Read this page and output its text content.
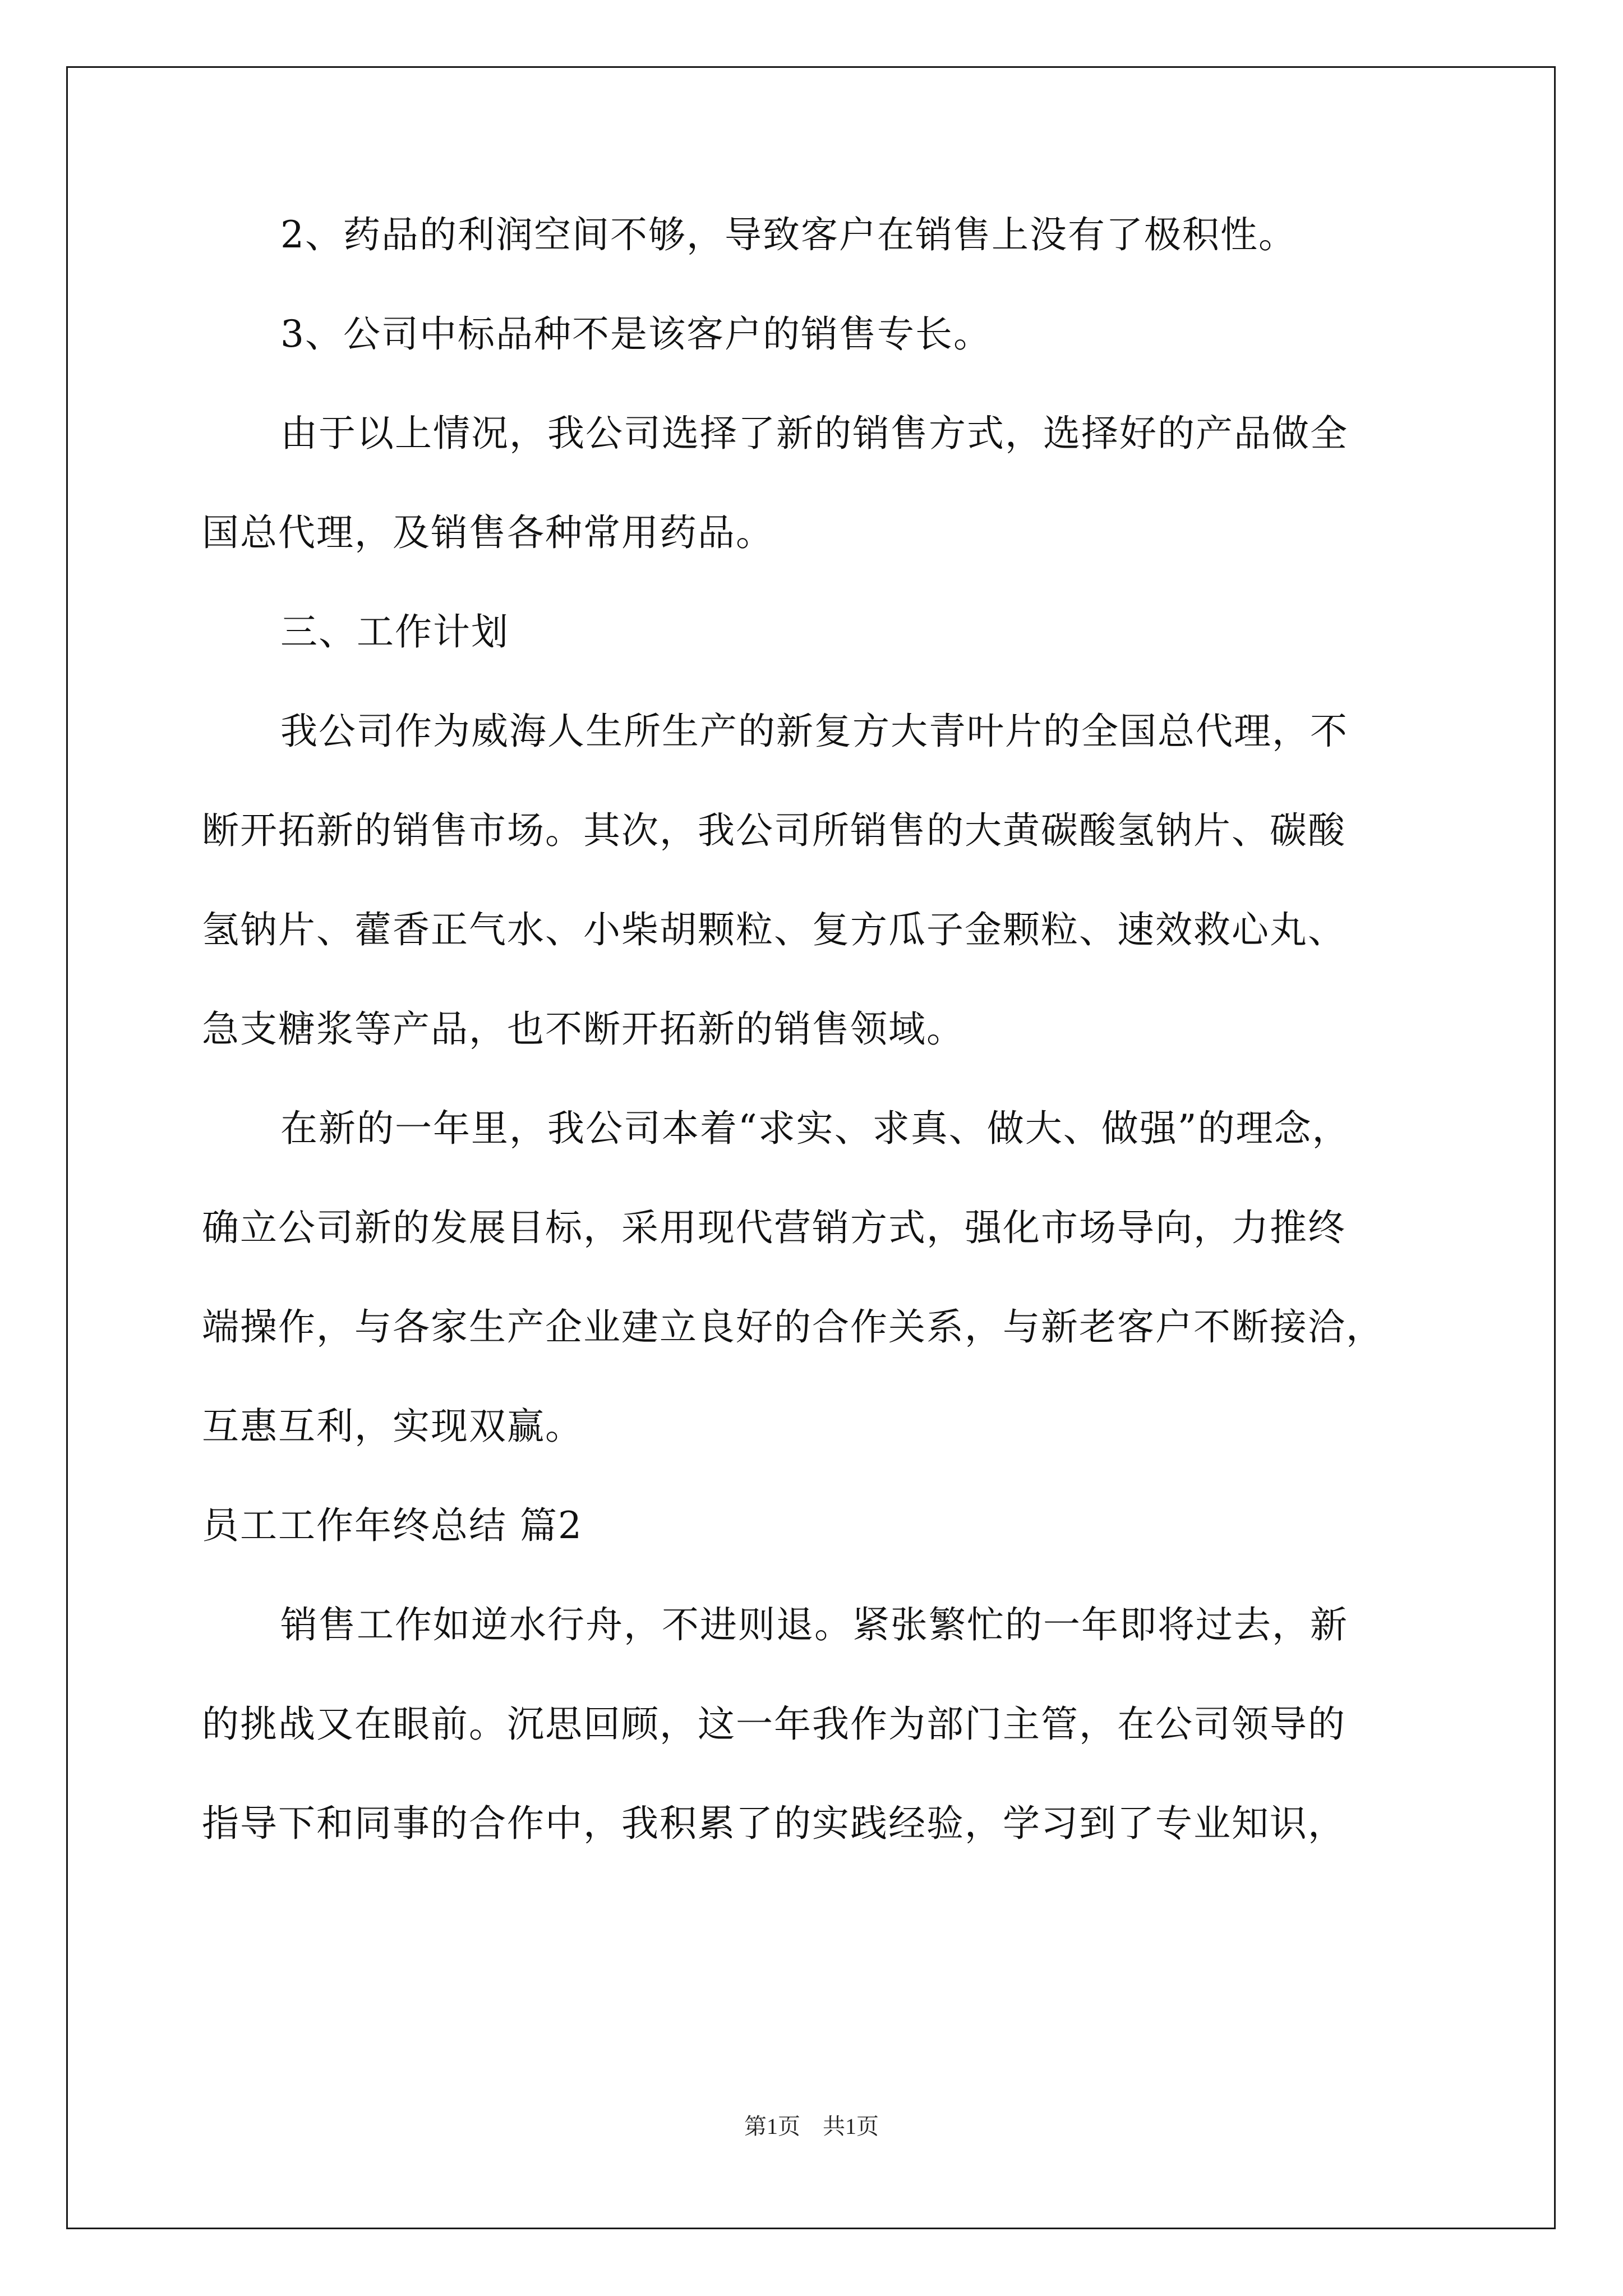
2、药品的利润空间不够，导致客户在销售上没有了极积性。
3、公司中标品种不是该客户的销售专长。
由于以上情况，我公司选择了新的销售方式，选择好的产品做全
国总代理，及销售各种常用药品。
三、工作计划
我公司作为威海人生所生产的新复方大青叶片的全国总代理，不
断开拓新的销售市场。其次，我公司所销售的大黄碳酸氢钠片、碳酸
氢钠片、藿香正气水、小柴胡颗粒、复方瓜子金颗粒、速效救心丸、
急支糖浆等产品，也不断开拓新的销售领域。
在新的一年里，我公司本着“求实、求真、做大、做强”的理念，
确立公司新的发展目标，采用现代营销方式，强化市场导向，力推终
端操作，与各家生产企业建立良好的合作关系，与新老客户不断接洽，
互惠互利，实现双赢。
员工工作年终总结 篇2
销售工作如逆水行舟，不进则退。紧张繁忙的一年即将过去，新
的挑战又在眼前。沉思回顾，这一年我作为部门主管，在公司领导的
指导下和同事的合作中，我积累了的实践经验，学习到了专业知识，
第1页　共1页
